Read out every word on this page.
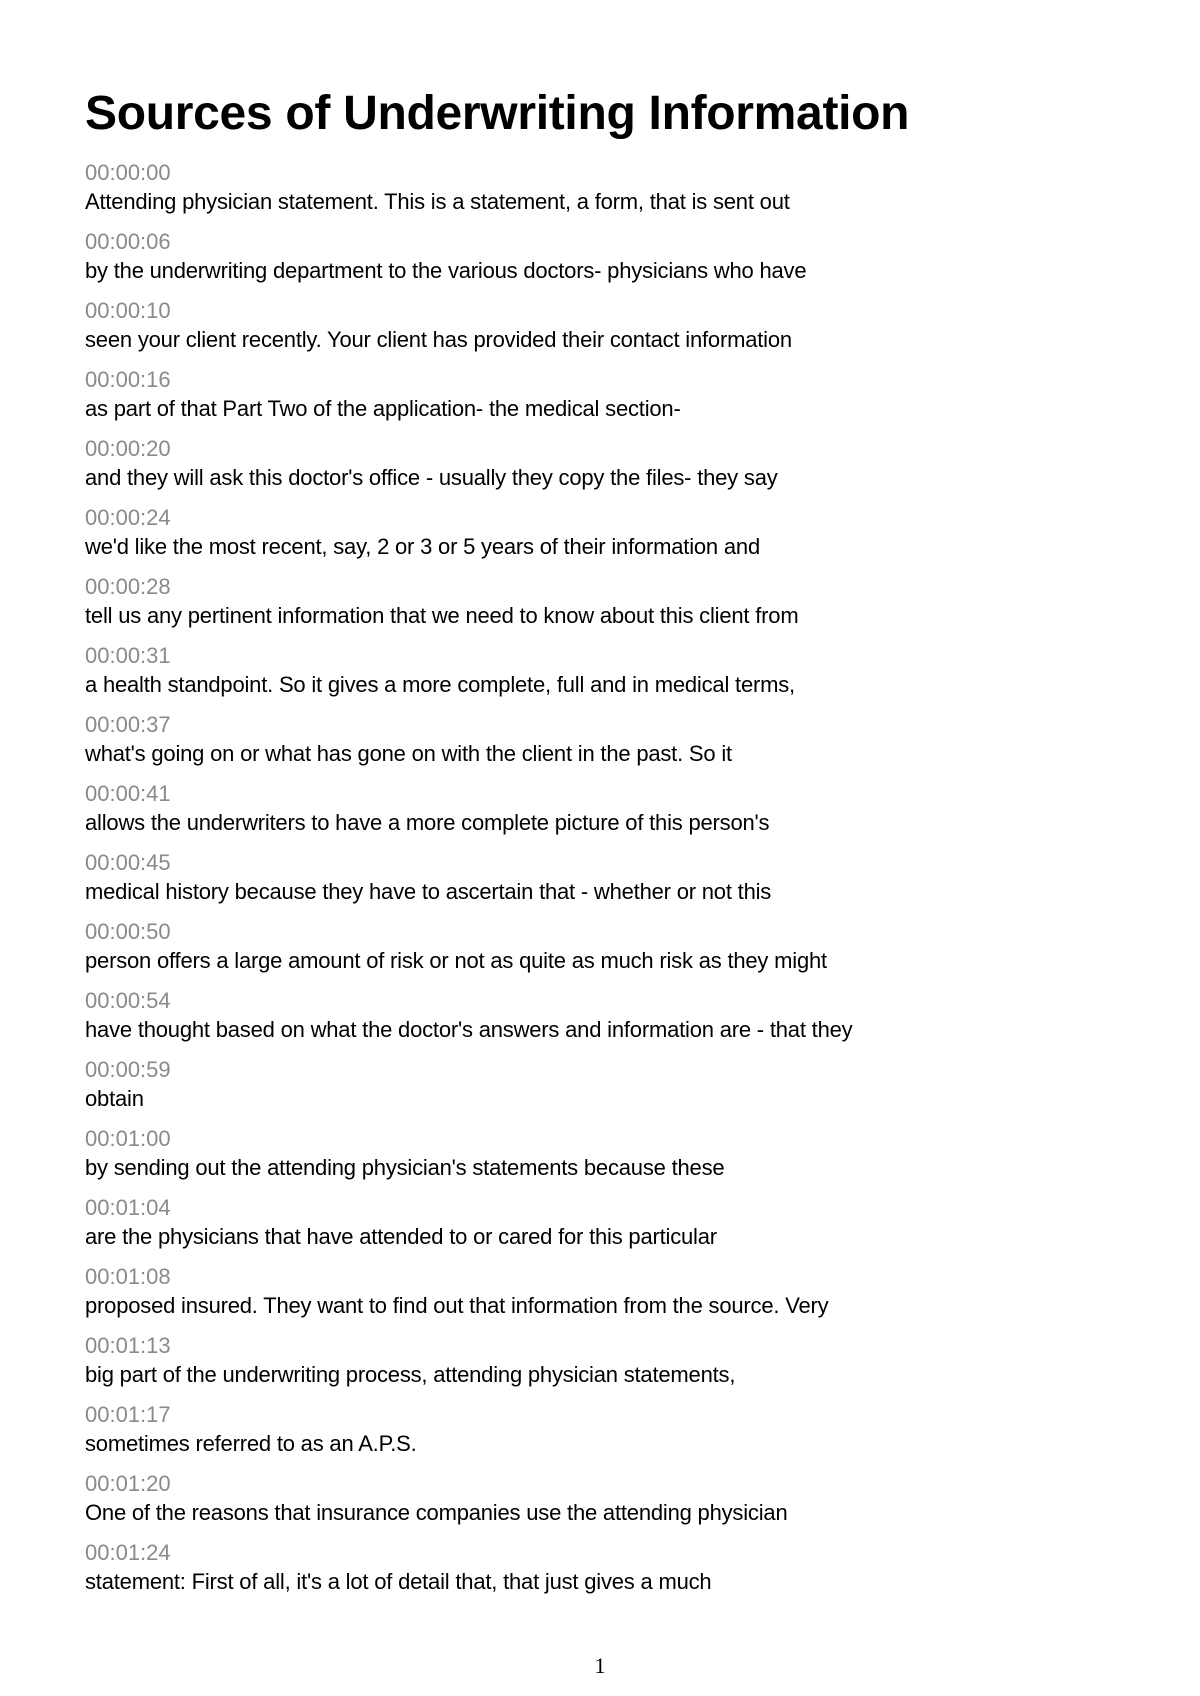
Sources of Underwriting Information
00:00:00
Attending physician statement. This is a statement, a form, that is sent out
00:00:06
by the underwriting department to the various doctors- physicians who have
00:00:10
seen your client recently. Your client has provided their contact information
00:00:16
as part of that Part Two of the application- the medical section-
00:00:20
and they will ask this doctor's office - usually they copy the files- they say
00:00:24
we'd like the most recent, say, 2 or 3 or 5 years of their information and
00:00:28
tell us any pertinent information that we need to know about this client from
00:00:31
a health standpoint. So it gives a more complete, full and in medical terms,
00:00:37
what's going on or what has gone on with the client in the past. So it
00:00:41
allows the underwriters to have a more complete picture of this person's
00:00:45
medical history because they have to ascertain that - whether or not this
00:00:50
person offers a large amount of risk or not as quite as much risk as they might
00:00:54
have thought based on what the doctor's answers and information are - that they
00:00:59
obtain
00:01:00
by sending out the attending physician's statements because these
00:01:04
are the physicians that have attended to or cared for this particular
00:01:08
proposed insured. They want to find out that information from the source. Very
00:01:13
big part of the underwriting process, attending physician statements,
00:01:17
sometimes referred to as an A.P.S.
00:01:20
One of the reasons that insurance companies use the attending physician
00:01:24
statement: First of all, it's a lot of detail that, that just gives a much
1
